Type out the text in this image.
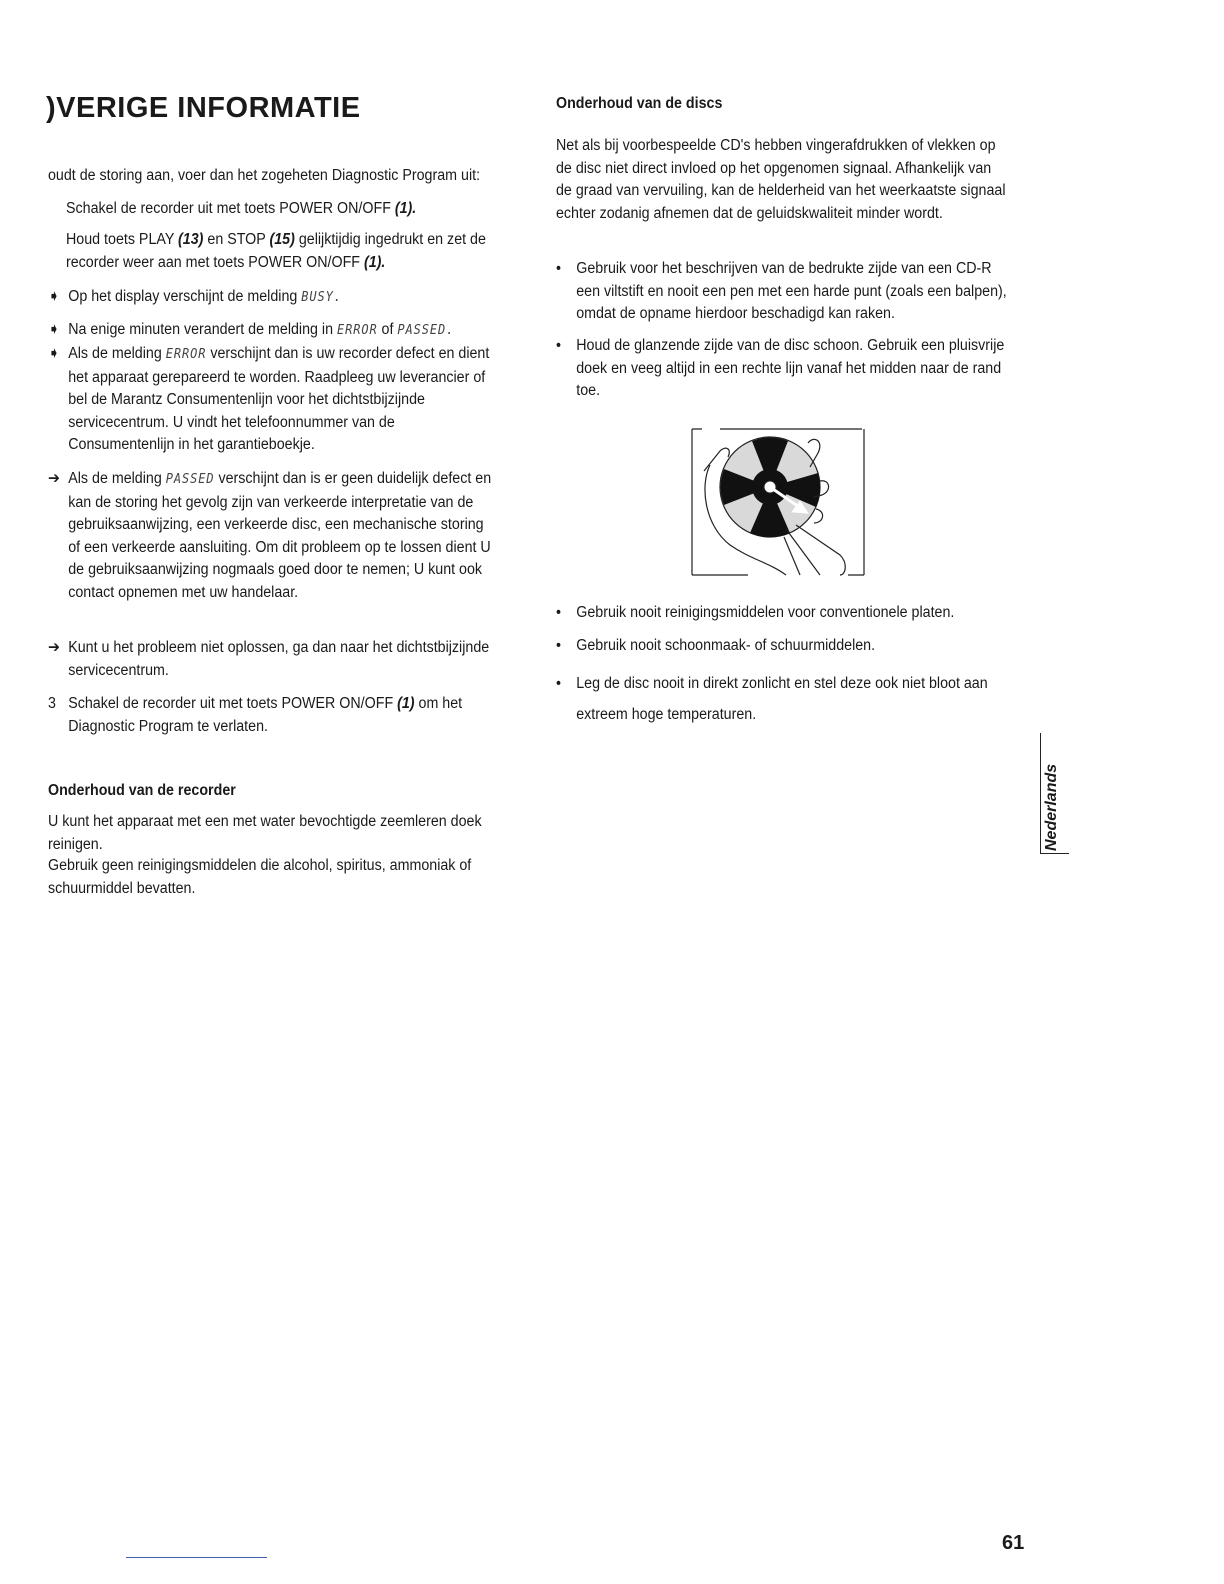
)VERIGE INFORMATIE
oudt de storing aan, voer dan het zogeheten Diagnostic Program uit:
Schakel de recorder uit met toets POWER ON/OFF (1).
Houd toets PLAY (13) en STOP (15) gelijktijdig ingedrukt en zet de recorder weer aan met toets POWER ON/OFF (1).

➧ Op het display verschijnt de melding BUSY.

➧ Na enige minuten verandert de melding in ERROR of PASSED.

➧ Als de melding ERROR verschijnt dan is uw recorder defect en dient het apparaat gerepareerd te worden. Raadpleeg uw leverancier of bel de Marantz Consumentenlijn voor het dichtstbijzijnde servicecentrum. U vindt het telefoonnummer van de Consumentenlijn in het garantieboekje.

➔ Als de melding PASSED verschijnt dan is er geen duidelijk defect en kan de storing het gevolg zijn van verkeerde interpretatie van de gebruiksaanwijzing, een verkeerde disc, een mechanische storing of een verkeerde aansluiting. Om dit probleem op te lossen dient U de gebruiksaanwijzing nogmaals goed door te nemen; U kunt ook contact opnemen met uw handelaar.

➔ Kunt u het probleem niet oplossen, ga dan naar het dichtstbijzijnde servicecentrum.

3 Schakel de recorder uit met toets POWER ON/OFF (1) om het Diagnostic Program te verlaten.

Onderhoud van de recorder
U kunt het apparaat met een met water bevochtigde zeemleren doek reinigen.
Gebruik geen reinigingsmiddelen die alcohol, spiritus, ammoniak of schuurmiddel bevatten.
Onderhoud van de discs
Net als bij voorbespeelde CD's hebben vingerafdrukken of vlekken op de disc niet direct invloed op het opgenomen signaal. Afhankelijk van de graad van vervuiling, kan de helderheid van het weerkaatste signaal echter zodanig afnemen dat de geluidskwaliteit minder wordt.

• Gebruik voor het beschrijven van de bedrukte zijde van een CD-R een viltstift en nooit een pen met een harde punt (zoals een balpen), omdat de opname hierdoor beschadigd kan raken.

• Houd de glanzende zijde van de disc schoon. Gebruik een pluisvrije doek en veeg altijd in een rechte lijn vanaf het midden naar de rand toe.

• Gebruik nooit reinigingsmiddelen voor conventionele platen.

• Gebruik nooit schoonmaak- of schuurmiddelen.

• Leg de disc nooit in direkt zonlicht en stel deze ook niet bloot aan extreem hoge temperaturen.

Nederlands
61
